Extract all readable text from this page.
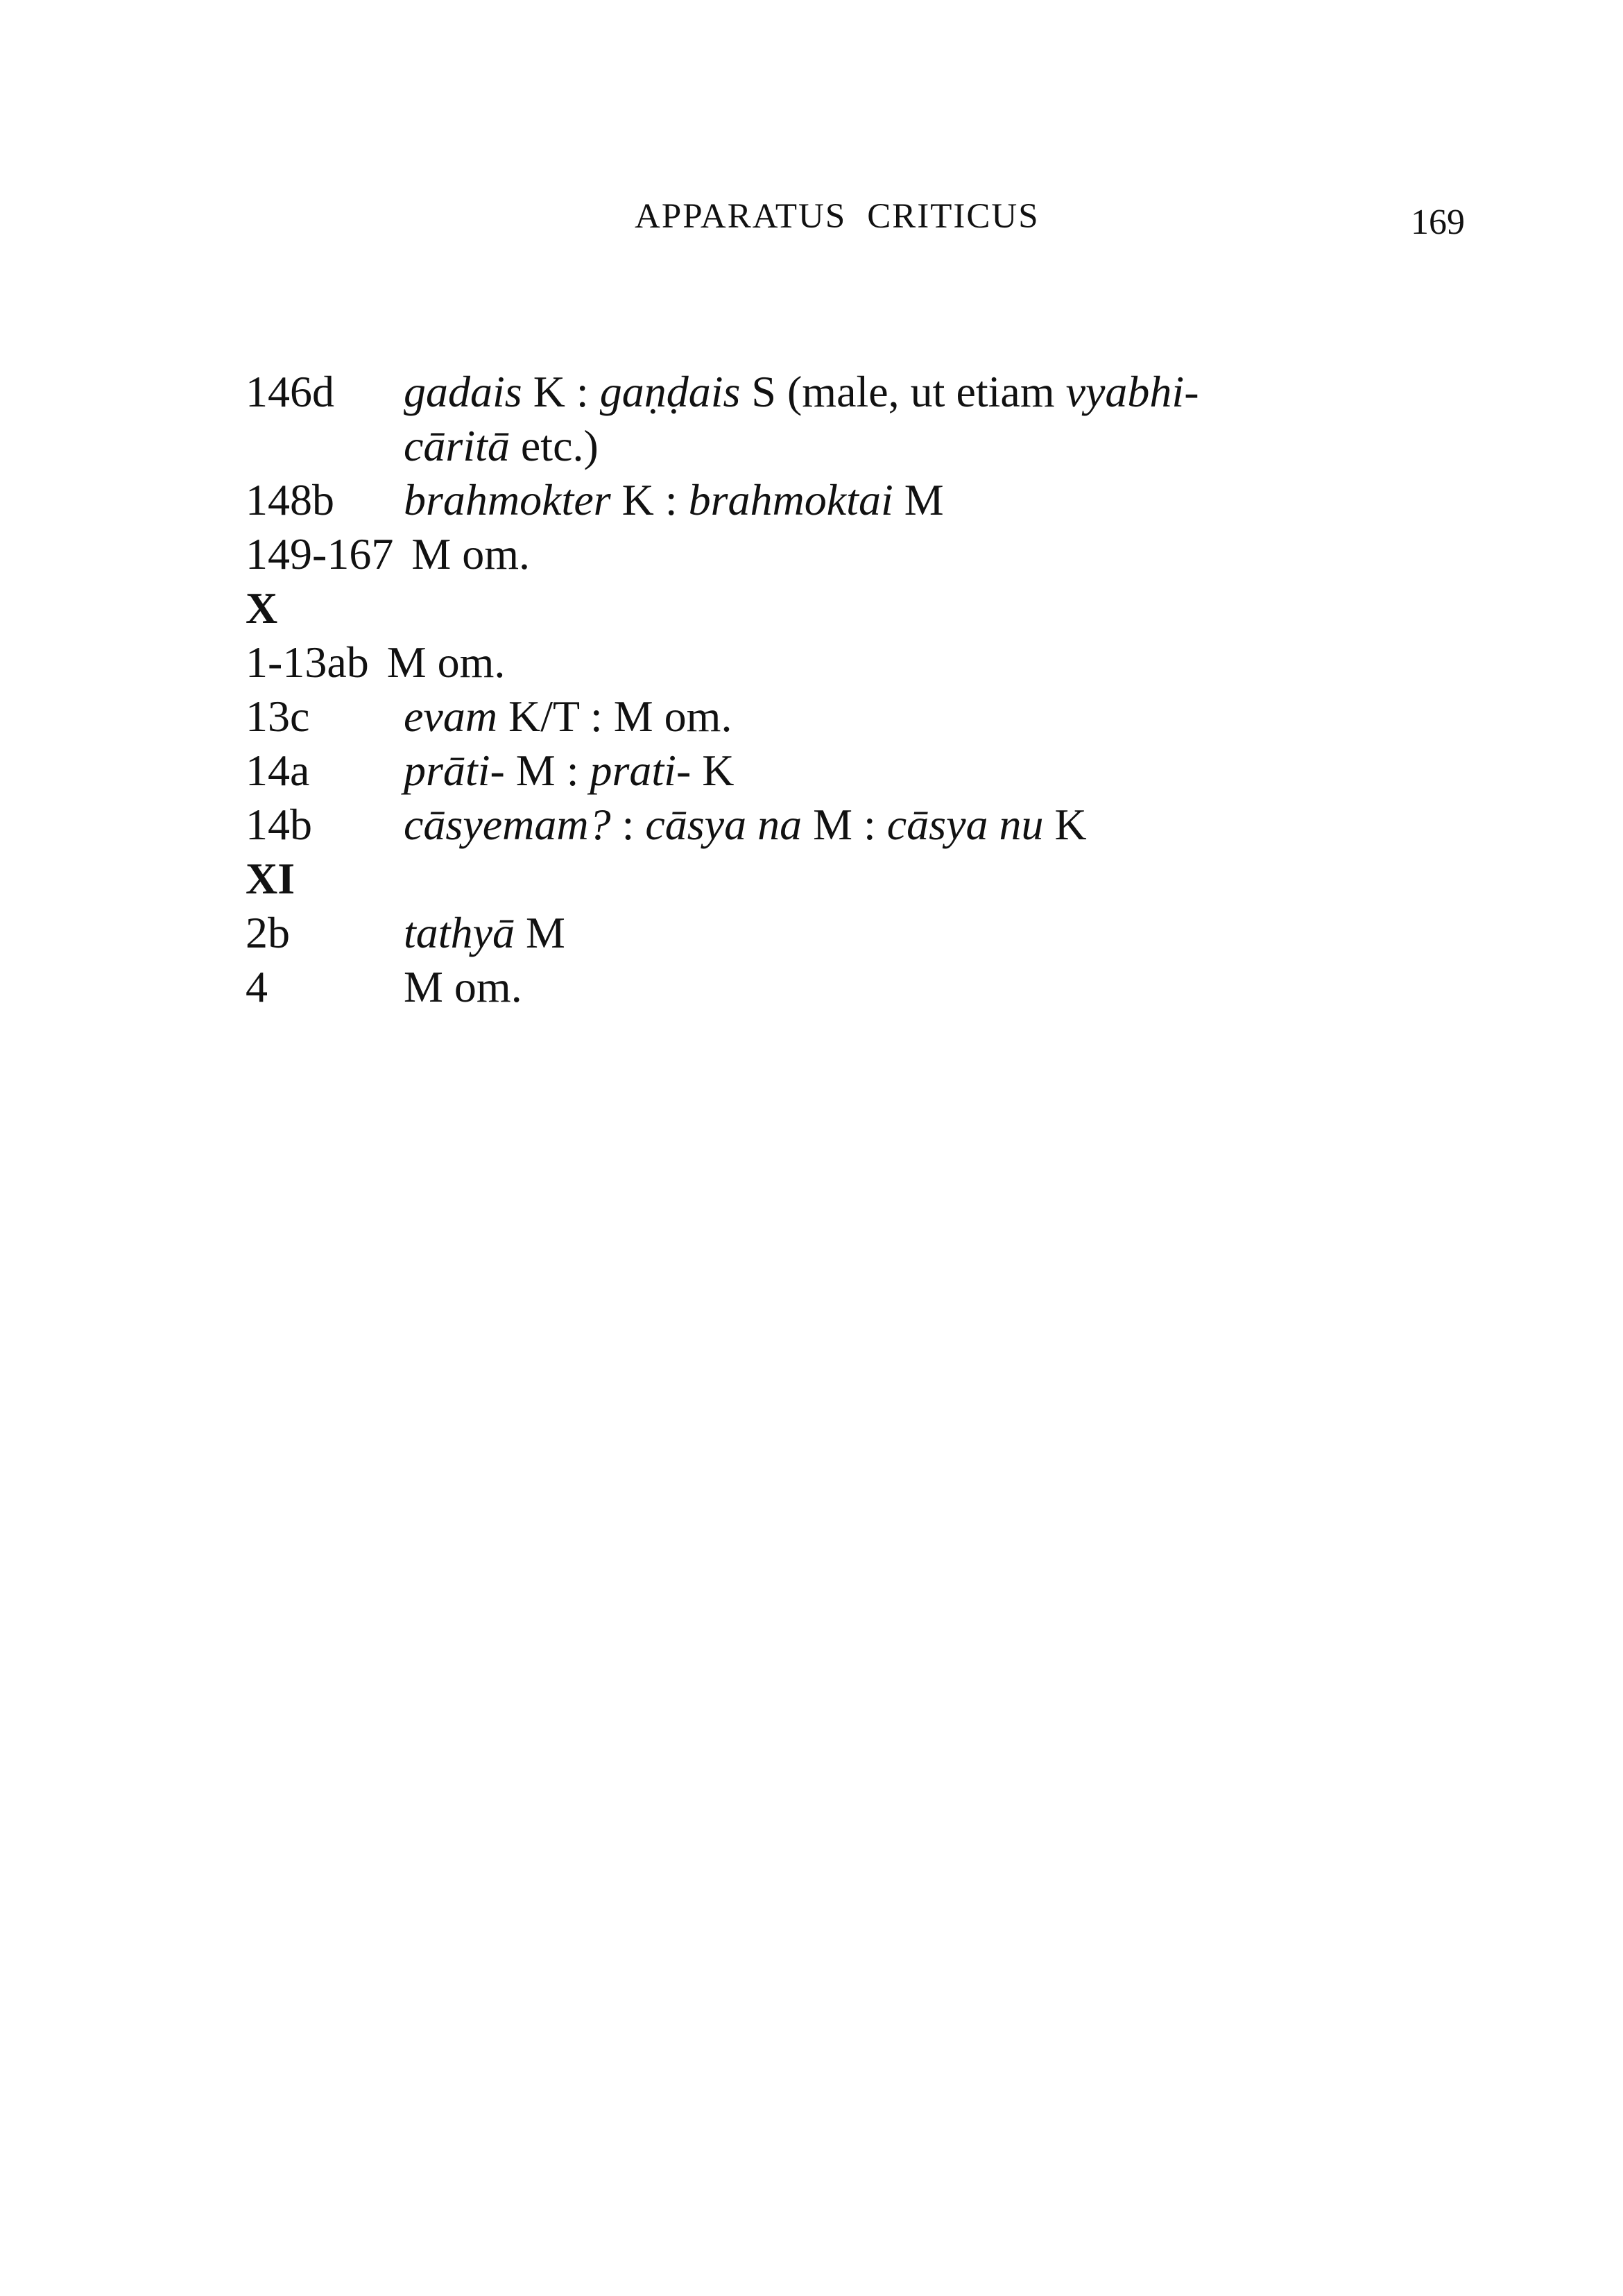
APPARATUS CRITICUS	169
146d	gadais K : gaṇḍais S (male, ut etiam vyabhi-
cāritā etc.)
148b	brahmokter K : brahmoktai M
149-167 M om.
X
1-13ab M om.
13c	evam K/T : M om.
14a	prāti- M : prati- K
14b	cāsyemam? : cāsya na M : cāsya nu K
XI
2b	tathyā M
4	M om.
